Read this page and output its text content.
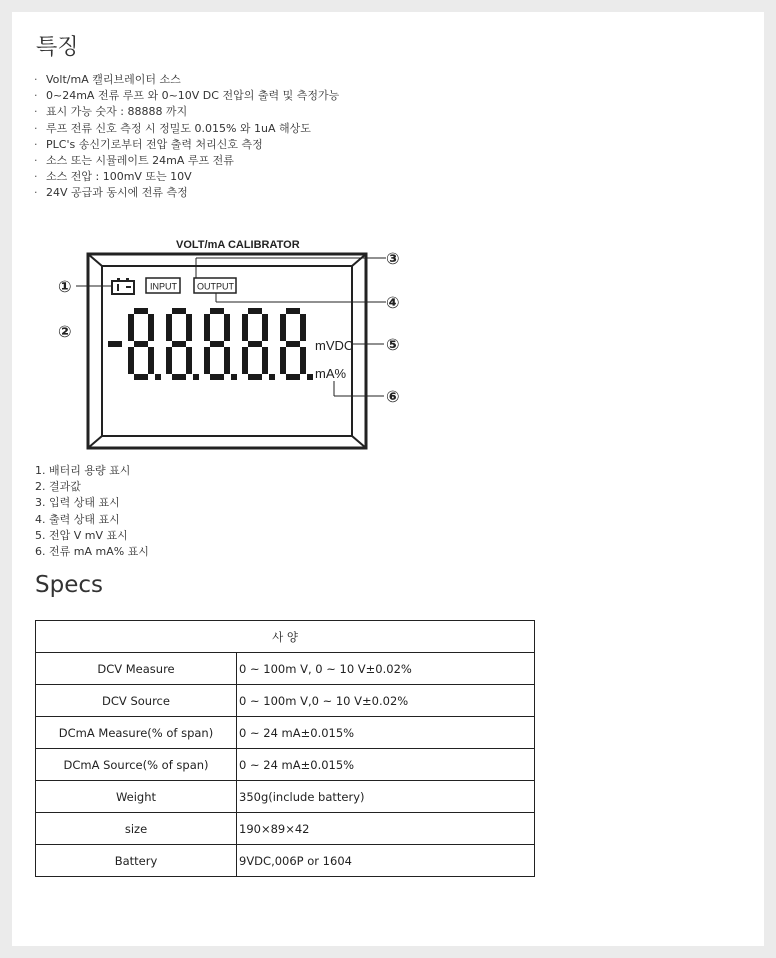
특징
· Volt/mA 캘리브레이터 소스
· 0~24mA 전류 루프 와 0~10V DC 전압의 출력 및 측정가능
· 표시 가능 숫자 : 88888 까지
· 루프 전류 신호 측정 시 정밀도 0.015% 와 1uA 해상도
· PLC's 송신기로부터 전압 출력 처리신호 측정
· 소스 또는 시뮬레이트 24mA 루프 전류
· 소스 전압 : 100mV 또는 10V
· 24V 공급과 동시에 전류 측정
VOLT/mA CALIBRATOR
INPUT OUTPUT
mVDC
mA%
①
②
③
④
⑤
⑥
1. 배터리 용량 표시
2. 결과값
3. 입력 상태 표시
4. 출력 상태 표시
5. 전압 V mV 표시
6. 전류 mA mA% 표시
Specs
사 양	
DCV Measure	0 ~ 100m V, 0 ~ 10 V±0.02%
DCV Source	0 ~ 100m V,0 ~ 10 V±0.02%
DCmA Measure(% of span)	0 ~ 24 mA±0.015%
DCmA Source(% of span)	0 ~ 24 mA±0.015%
Weight	350g(include battery)
size	190×89×42
Battery	9VDC,006P or 1604
